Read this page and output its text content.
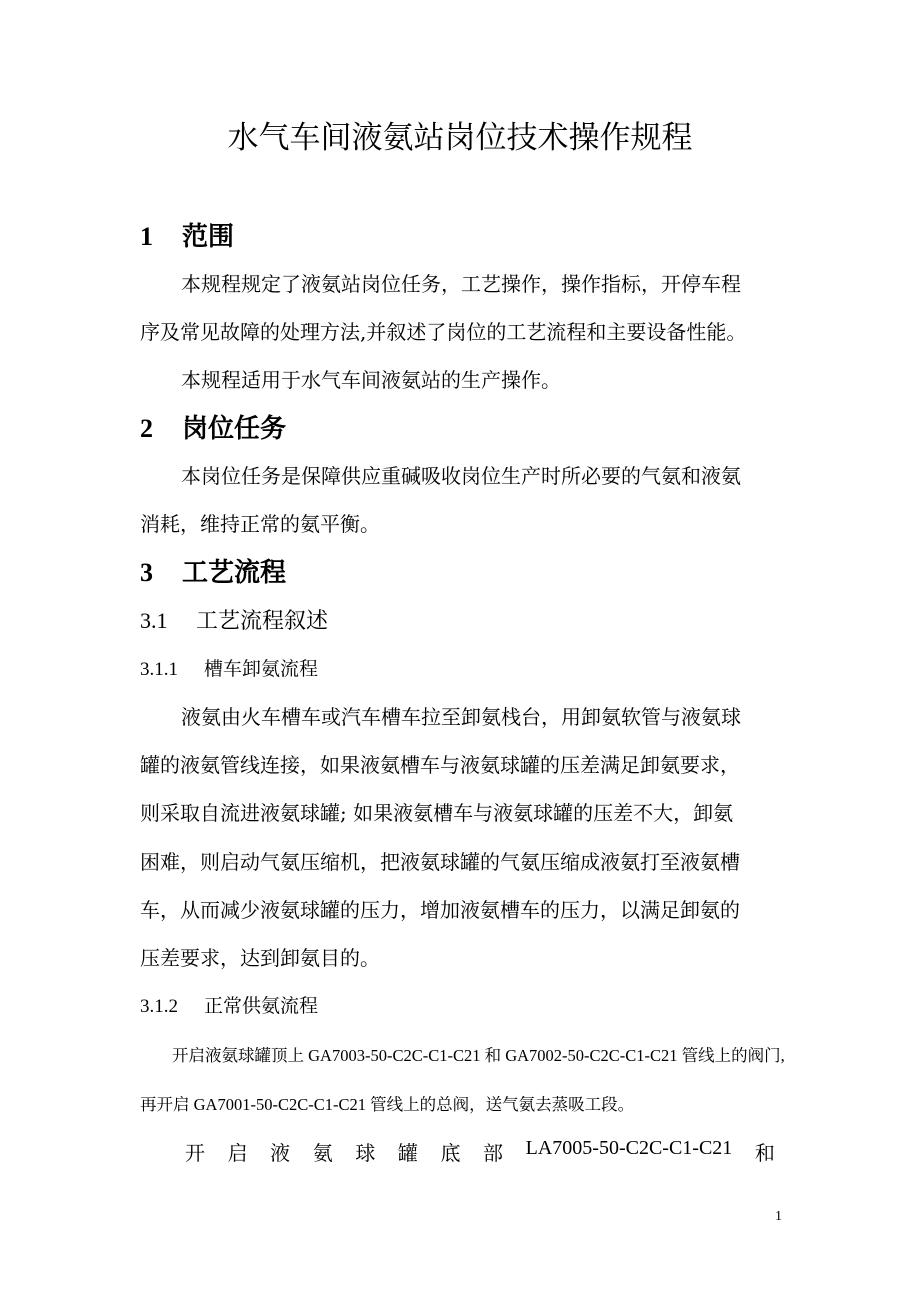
水气车间液氨站岗位技术操作规程
1 范围
本规程规定了液氨站岗位任务，工艺操作，操作指标，开停车程
序及常见故障的处理方法,并叙述了岗位的工艺流程和主要设备性能。
本规程适用于水气车间液氨站的生产操作。
2 岗位任务
本岗位任务是保障供应重碱吸收岗位生产时所必要的气氨和液氨
消耗，维持正常的氨平衡。
3 工艺流程
3.1 工艺流程叙述
3.1.1 槽车卸氨流程
液氨由火车槽车或汽车槽车拉至卸氨栈台，用卸氨软管与液氨球
罐的液氨管线连接，如果液氨槽车与液氨球罐的压差满足卸氨要求，
则采取自流进液氨球罐; 如果液氨槽车与液氨球罐的压差不大，卸氨
困难，则启动气氨压缩机，把液氨球罐的气氨压缩成液氨打至液氨槽
车，从而减少液氨球罐的压力，增加液氨槽车的压力，以满足卸氨的
压差要求，达到卸氨目的。
3.1.2 正常供氨流程
开启液氨球罐顶上 GA7003-50-C2C-C1-C21 和 GA7002-50-C2C-C1-C21 管线上的阀门,
再开启 GA7001-50-C2C-C1-C21 管线上的总阀，送气氨去蒸吸工段。
开 启 液 氨 球 罐 底 部 LA7005-50-C2C-C1-C21 和
1
